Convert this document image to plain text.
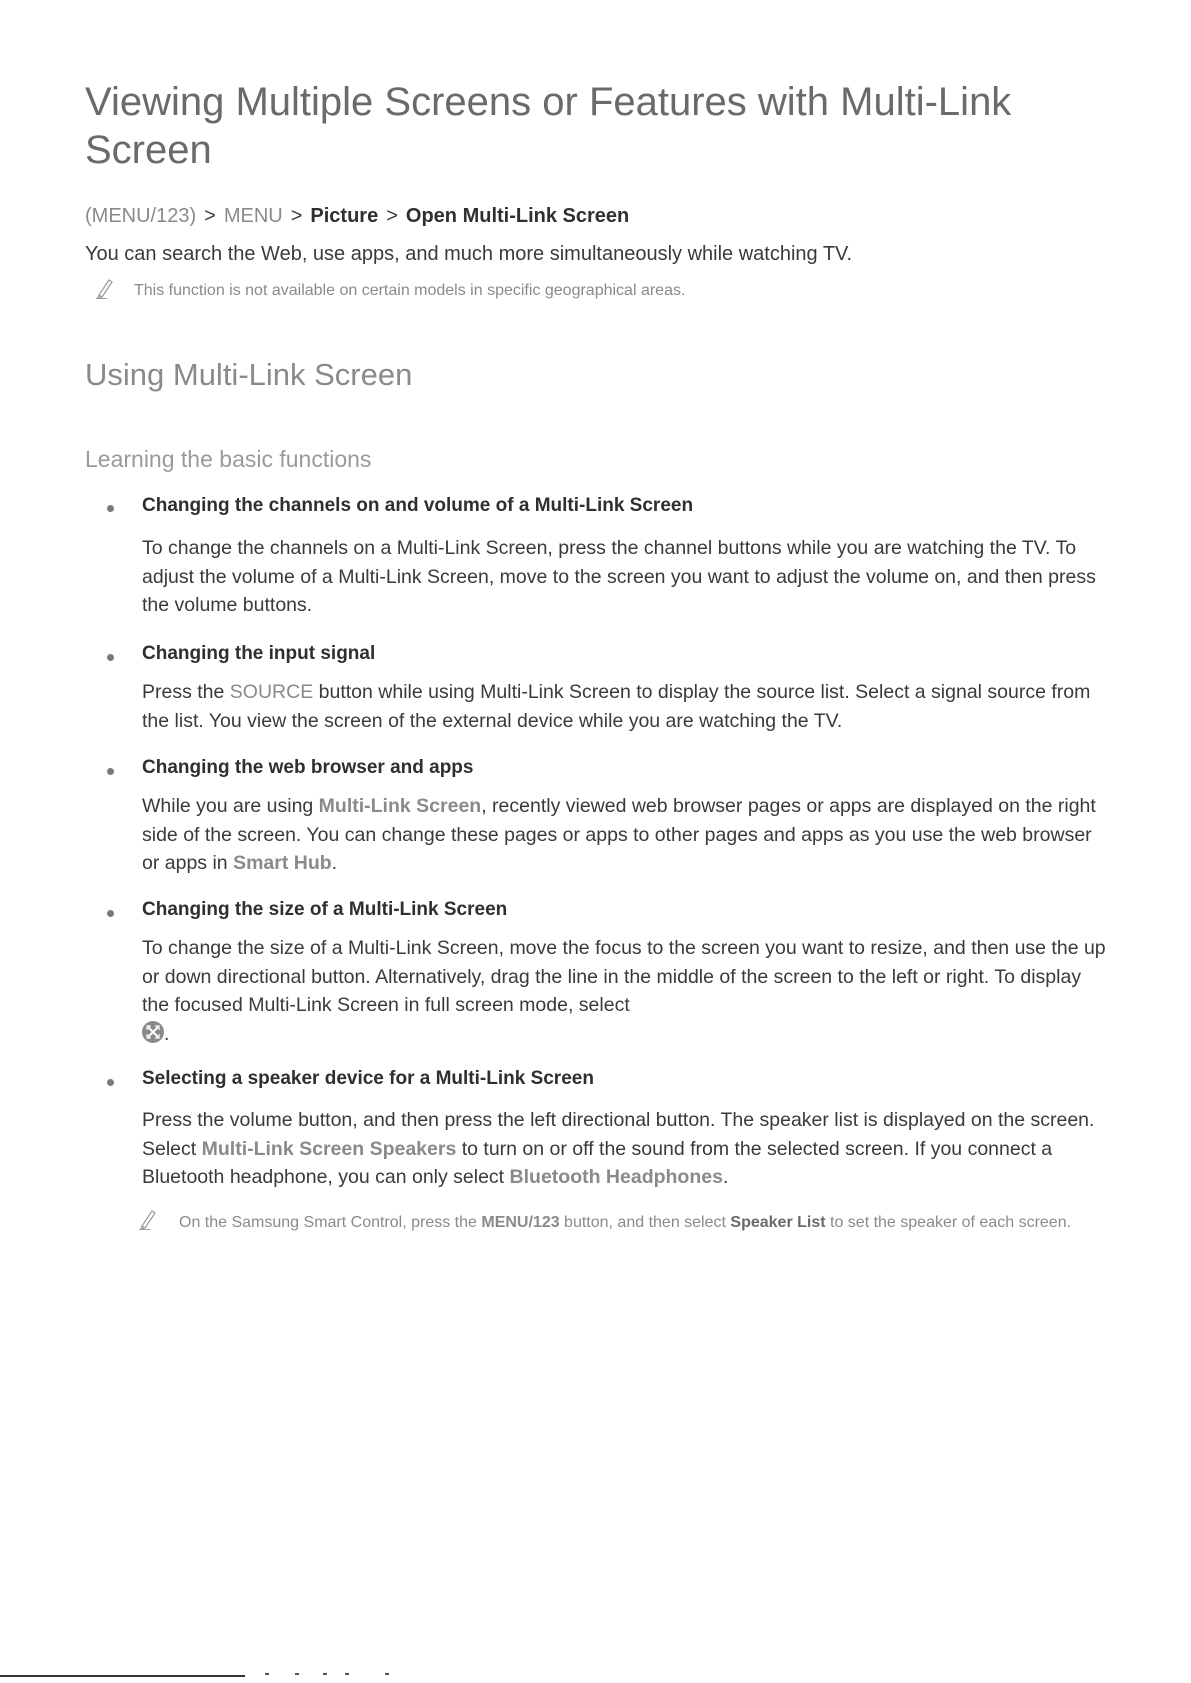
Viewing Multiple Screens or Features with Multi-Link Screen
(MENU/123) > MENU > Picture > Open Multi-Link Screen
You can search the Web, use apps, and much more simultaneously while watching TV.
This function is not available on certain models in specific geographical areas.
Using Multi-Link Screen
Learning the basic functions
Changing the channels on and volume of a Multi-Link Screen
To change the channels on a Multi-Link Screen, press the channel buttons while you are watching the TV. To adjust the volume of a Multi-Link Screen, move to the screen you want to adjust the volume on, and then press the volume buttons.
Changing the input signal
Press the SOURCE button while using Multi-Link Screen to display the source list. Select a signal source from the list. You view the screen of the external device while you are watching the TV.
Changing the web browser and apps
While you are using Multi-Link Screen, recently viewed web browser pages or apps are displayed on the right side of the screen. You can change these pages or apps to other pages and apps as you use the web browser or apps in Smart Hub.
Changing the size of a Multi-Link Screen
To change the size of a Multi-Link Screen, move the focus to the screen you want to resize, and then use the up or down directional button. Alternatively, drag the line in the middle of the screen to the left or right. To display the focused Multi-Link Screen in full screen mode, select

.
Selecting a speaker device for a Multi-Link Screen
Press the volume button, and then press the left directional button. The speaker list is displayed on the screen. Select Multi-Link Screen Speakers to turn on or off the sound from the selected screen. If you connect a Bluetooth headphone, you can only select Bluetooth Headphones.
On the Samsung Smart Control, press the MENU/123 button, and then select Speaker List to set the speaker of each screen.
